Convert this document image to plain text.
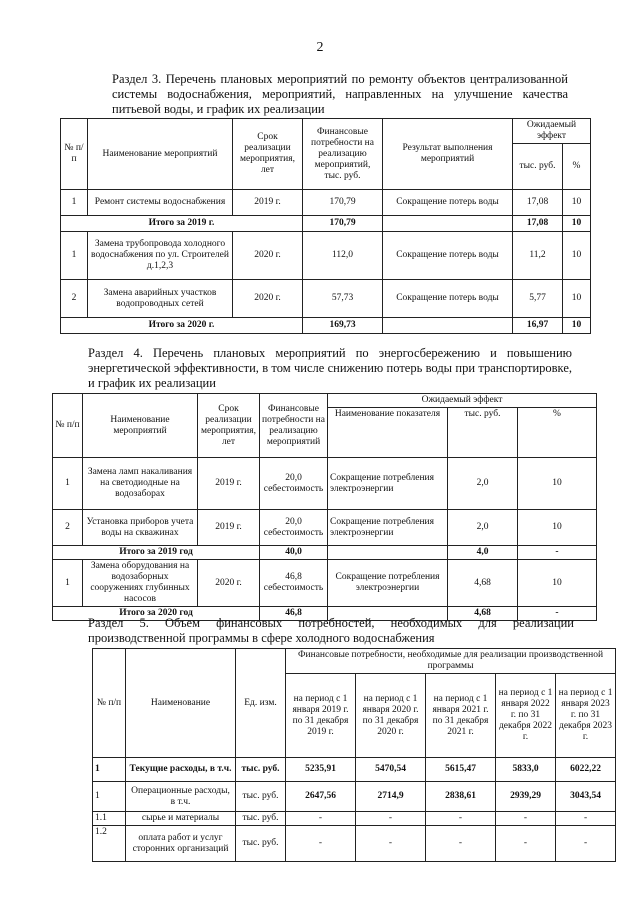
2
Раздел 3. Перечень плановых мероприятий по ремонту объектов централизованной системы водоснабжения, мероприятий, направленных на улучшение качества питьевой воды, и график их реализации
№ п/ п	Наименование мероприятий	Срок реализации мероприятия, лет	Финансовые потребности на реализацию мероприятий, тыс. руб.	Результат выполнения мероприятий	Ожидаемый эффект	
					тыс. руб.	%
1	Ремонт системы водоснабжения	2019 г.	170,79	Сокращение потерь воды	17,08	10
Итого за 2019 г.			170,79		17,08	10
1	Замена трубопровода холодного водоснабжения по ул. Строителей д.1,2,3	2020 г.	112,0	Сокращение потерь воды	11,2	10
2	Замена аварийных участков водопроводных сетей	2020 г.	57,73	Сокращение потерь воды	5,77	10
Итого за 2020 г.			169,73		16,97	10
Раздел 4. Перечень плановых мероприятий по энергосбережению и повышению энергетической эффективности, в том числе снижению потерь воды при транспортировке, и график их реализации
№ п/п	Наименование мероприятий	Срок реализации мероприятия, лет	Финансовые потребности на реализацию мероприятий	Ожидаемый эффект		
				Наименование показателя	тыс. руб.	%
1	Замена ламп накаливания на светодиодные на водозаборах	2019 г.	20,0 себестоимость	Сокращение потребления электроэнергии	2,0	10
2	Установка приборов учета воды на скважинах	2019 г.	20,0 себестоимость	Сокращение потребления электроэнергии	2,0	10
Итого за 2019 год			40,0		4,0	-
1	Замена оборудования на водозаборных сооружениях глубинных насосов	2020 г.	46,8 себестоимость	Сокращение потребления электроэнергии	4,68	10
Итого за 2020 год			46,8		4,68	-
Раздел 5. Объем финансовых потребностей, необходимых для реализации производственной программы в сфере холодного водоснабжения
№ п/п	Наименование	Ед. изм.	Финансовые потребности, необходимые для реализации производственной программы				
			на период с 1 января 2019 г. по 31 декабря 2019 г.	на период с 1 января 2020 г. по 31 декабря 2020 г.	на период с 1 января 2021 г. по 31 декабря 2021 г.	на период с 1 января 2022 г. по 31 декабря 2022 г.	на период с 1 января 2023 г. по 31 декабря 2023 г.
1	Текущие расходы, в т.ч.	тыс. руб.	5235,91	5470,54	5615,47	5833,0	6022,22
1	Операционные расходы, в т.ч.	тыс. руб.	2647,56	2714,9	2838,61	2939,29	3043,54
1.1	сырье и материалы	тыс. руб.	-	-	-	-	-
1.2	оплата работ и услуг сторонних организаций	тыс. руб.	-	-	-	-	-
